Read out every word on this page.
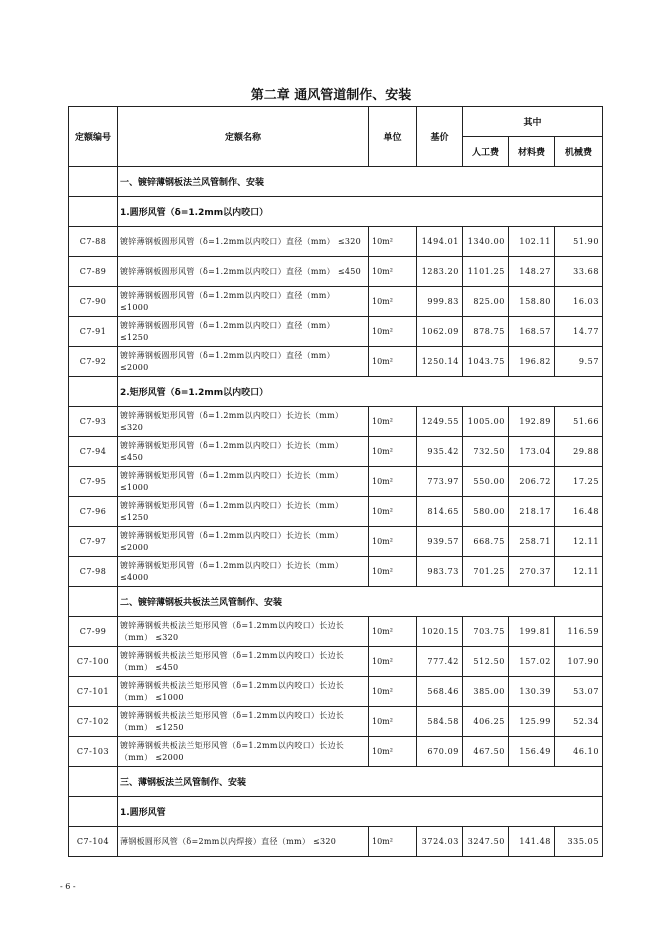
第二章 通风管道制作、安装
定额编号	定额名称	单位	基价	其中		
				人工费	材料费	机械费
	一、镀锌薄钢板法兰风管制作、安装					
	1.圆形风管（δ=1.2mm以内咬口）					
C7-88	镀锌薄钢板圆形风管（δ=1.2mm以内咬口）直径（mm） ≤320	10m²	1494.01	1340.00	102.11	51.90
C7-89	镀锌薄钢板圆形风管（δ=1.2mm以内咬口）直径（mm） ≤450	10m²	1283.20	1101.25	148.27	33.68
C7-90	镀锌薄钢板圆形风管（δ=1.2mm以内咬口）直径（mm） ≤1000	10m²	999.83	825.00	158.80	16.03
C7-91	镀锌薄钢板圆形风管（δ=1.2mm以内咬口）直径（mm） ≤1250	10m²	1062.09	878.75	168.57	14.77
C7-92	镀锌薄钢板圆形风管（δ=1.2mm以内咬口）直径（mm） ≤2000	10m²	1250.14	1043.75	196.82	9.57
	2.矩形风管（δ=1.2mm以内咬口）					
C7-93	镀锌薄钢板矩形风管（δ=1.2mm以内咬口）长边长（mm） ≤320	10m²	1249.55	1005.00	192.89	51.66
C7-94	镀锌薄钢板矩形风管（δ=1.2mm以内咬口）长边长（mm） ≤450	10m²	935.42	732.50	173.04	29.88
C7-95	镀锌薄钢板矩形风管（δ=1.2mm以内咬口）长边长（mm） ≤1000	10m²	773.97	550.00	206.72	17.25
C7-96	镀锌薄钢板矩形风管（δ=1.2mm以内咬口）长边长（mm） ≤1250	10m²	814.65	580.00	218.17	16.48
C7-97	镀锌薄钢板矩形风管（δ=1.2mm以内咬口）长边长（mm） ≤2000	10m²	939.57	668.75	258.71	12.11
C7-98	镀锌薄钢板矩形风管（δ=1.2mm以内咬口）长边长（mm） ≤4000	10m²	983.73	701.25	270.37	12.11
	二、镀锌薄钢板共板法兰风管制作、安装					
C7-99	镀锌薄钢板共板法兰矩形风管（δ=1.2mm以内咬口）长边长（mm） ≤320	10m²	1020.15	703.75	199.81	116.59
C7-100	镀锌薄钢板共板法兰矩形风管（δ=1.2mm以内咬口）长边长（mm） ≤450	10m²	777.42	512.50	157.02	107.90
C7-101	镀锌薄钢板共板法兰矩形风管（δ=1.2mm以内咬口）长边长（mm） ≤1000	10m²	568.46	385.00	130.39	53.07
C7-102	镀锌薄钢板共板法兰矩形风管（δ=1.2mm以内咬口）长边长（mm） ≤1250	10m²	584.58	406.25	125.99	52.34
C7-103	镀锌薄钢板共板法兰矩形风管（δ=1.2mm以内咬口）长边长（mm） ≤2000	10m²	670.09	467.50	156.49	46.10
	三、薄钢板法兰风管制作、安装					
	1.圆形风管					
C7-104	薄钢板圆形风管（δ=2mm以内焊接）直径（mm） ≤320	10m²	3724.03	3247.50	141.48	335.05
- 6 -
